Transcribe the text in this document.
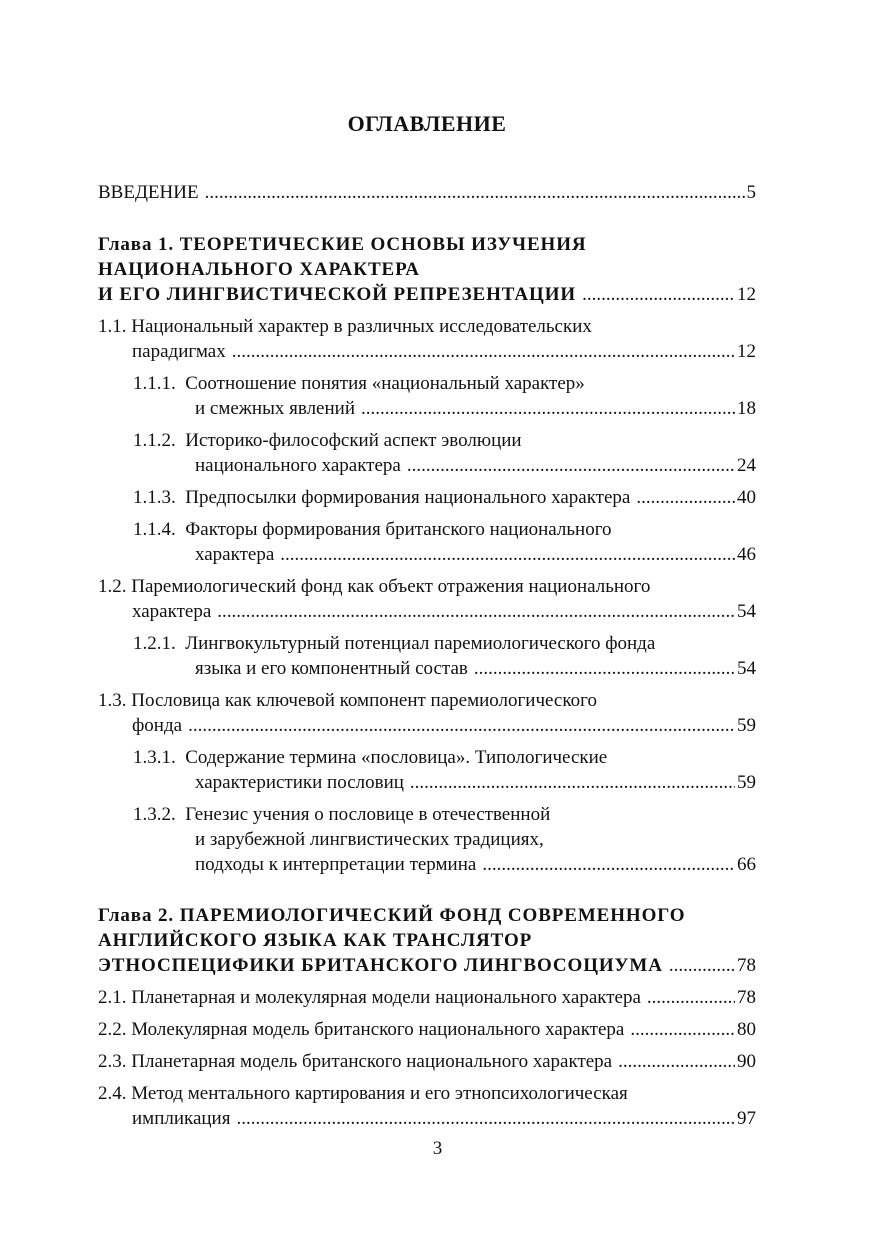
ОГЛАВЛЕНИЕ
ВВЕДЕНИЕ .....	5
Глава 1. ТЕОРЕТИЧЕСКИЕ ОСНОВЫ ИЗУЧЕНИЯ
НАЦИОНАЛЬНОГО ХАРАКТЕРА
И ЕГО ЛИНГВИСТИЧЕСКОЙ РЕПРЕЗЕНТАЦИИ .....	12
1.1. Национальный характер в различных исследовательских
парадигмах .....	12
1.1.1. Соотношение понятия «национальный характер»
и смежных явлений .....	18
1.1.2. Историко-философский аспект эволюции
национального характера .....	24
1.1.3. Предпосылки формирования национального характера .....	40
1.1.4. Факторы формирования британского национального
характера .....	46
1.2. Паремиологический фонд как объект отражения национального
характера .....	54
1.2.1. Лингвокультурный потенциал паремиологического фонда
языка и его компонентный состав .....	54
1.3. Пословица как ключевой компонент паремиологического
фонда .....	59
1.3.1. Содержание термина «пословица». Типологические
характеристики пословиц .....	59
1.3.2. Генезис учения о пословице в отечественной
и зарубежной лингвистических традициях,
подходы к интерпретации термина .....	66
Глава 2. ПАРЕМИОЛОГИЧЕСКИЙ ФОНД СОВРЕМЕННОГО
АНГЛИЙСКОГО ЯЗЫКА КАК ТРАНСЛЯТОР
ЭТНОСПЕЦИФИКИ БРИТАНСКОГО ЛИНГВОСОЦИУМА .....	78
2.1. Планетарная и молекулярная модели национального характера .....	78
2.2. Молекулярная модель британского национального характера .....	80
2.3. Планетарная модель британского национального характера .....	90
2.4. Метод ментального картирования и его этнопсихологическая
импликация .....	97
3
